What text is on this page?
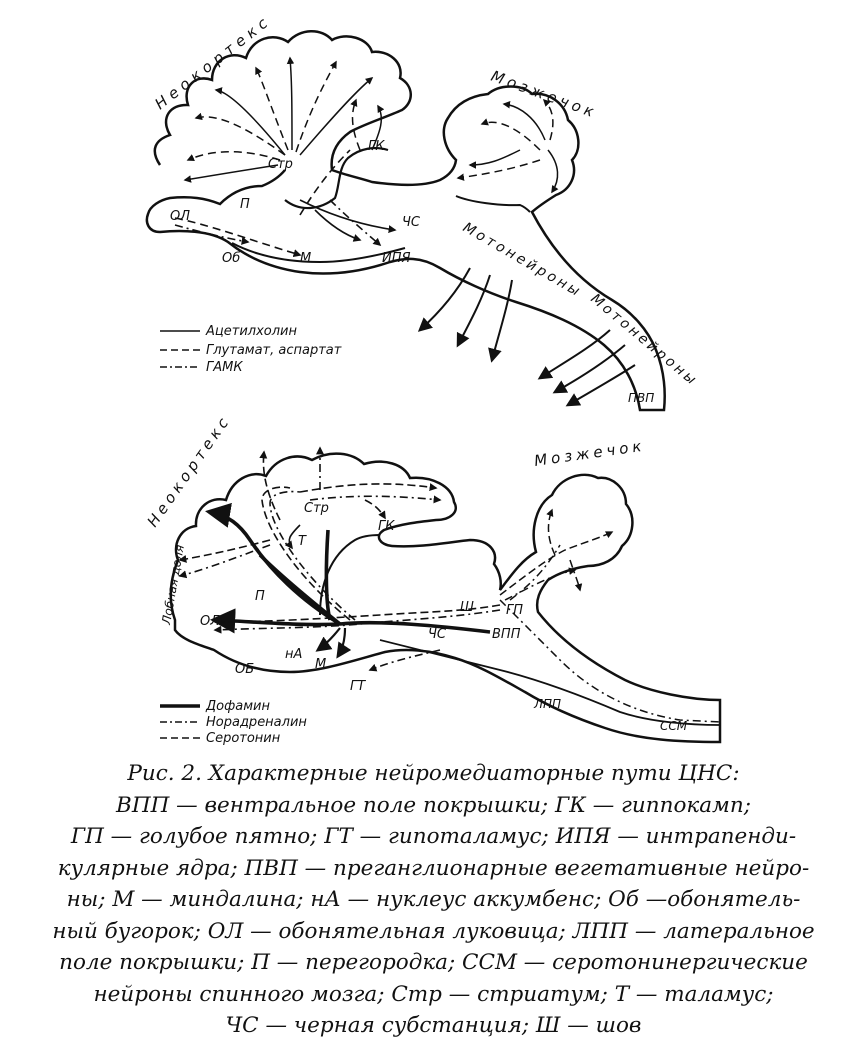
Неокортекс	Мозжечок
Стр
ГК
П
ОЛ
Об	М	ИПЯ
ЧС
ПВП
Мотонейроны
Мотонейроны
Ацетилхолин
Глутамат, аспартат
ГАМК
Неокортекс
Лобная доля
Мозжечок
Стр
Т
ГК
П
ОЛ
нА
М
ОБ
ГТ
ЧС	ВПП
Ш ГП
ЛПП
ССМ
Дофамин
Норадреналин
Серотонин
Рис. 2. Характерные нейромедиаторные пути ЦНС:
ВПП — вентральное поле покрышки; ГК — гиппокамп;
ГП — голубое пятно; ГТ — гипоталамус; ИПЯ — интрапенди-
кулярные ядра; ПВП — преганглионарные вегетативные нейро-
ны; М — миндалина; нА — нуклеус аккумбенс; Об —обонятель-
ный бугорок; ОЛ — обонятельная луковица; ЛПП — латеральное
поле покрышки; П — перегородка; ССМ — серотонинергические
нейроны спинного мозга; Стр — стриатум; Т — таламус;
ЧС — черная субстанция; Ш — шов
